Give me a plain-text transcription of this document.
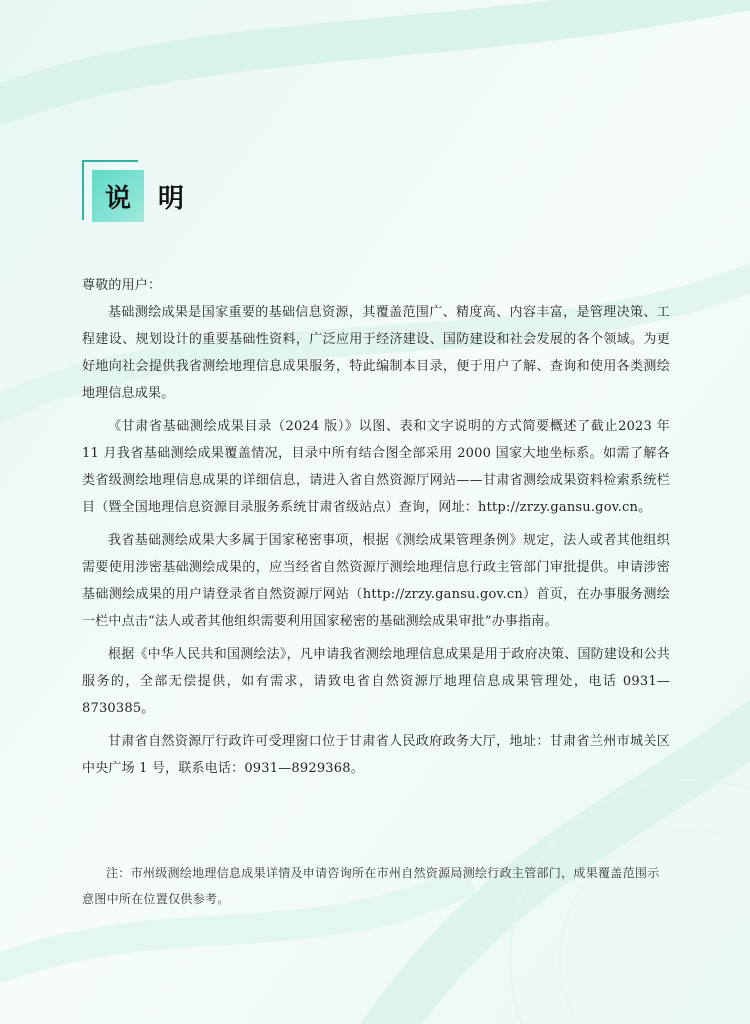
说 明

尊敬的用户：

基础测绘成果是国家重要的基础信息资源，其覆盖范围广、精度高、内容丰富，是管理决策、工程建设、规划设计的重要基础性资料，广泛应用于经济建设、国防建设和社会发展的各个领域。为更好地向社会提供我省测绘地理信息成果服务，特此编制本目录，便于用户了解、查询和使用各类测绘地理信息成果。

《甘肃省基础测绘成果目录（2024 版）》以图、表和文字说明的方式简要概述了截止2023 年 11 月我省基础测绘成果覆盖情况，目录中所有结合图全部采用 2000 国家大地坐标系。如需了解各类省级测绘地理信息成果的详细信息，请进入省自然资源厅网站——甘肃省测绘成果资料检索系统栏目（暨全国地理信息资源目录服务系统甘肃省级站点）查询，网址：http://zrzy.gansu.gov.cn。

我省基础测绘成果大多属于国家秘密事项，根据《测绘成果管理条例》规定，法人或者其他组织需要使用涉密基础测绘成果的，应当经省自然资源厅测绘地理信息行政主管部门审批提供。申请涉密基础测绘成果的用户请登录省自然资源厅网站（http://zrzy.gansu.gov.cn）首页，在办事服务测绘一栏中点击“法人或者其他组织需要利用国家秘密的基础测绘成果审批”办事指南。

根据《中华人民共和国测绘法》，凡申请我省测绘地理信息成果是用于政府决策、国防建设和公共服务的，全部无偿提供，如有需求，请致电省自然资源厅地理信息成果管理处，电话 0931—8730385。

甘肃省自然资源厅行政许可受理窗口位于甘肃省人民政府政务大厅，地址：甘肃省兰州市城关区中央广场 1 号，联系电话：0931—8929368。

注：市州级测绘地理信息成果详情及申请咨询所在市州自然资源局测绘行政主管部门，成果覆盖范围示意图中所在位置仅供参考。
